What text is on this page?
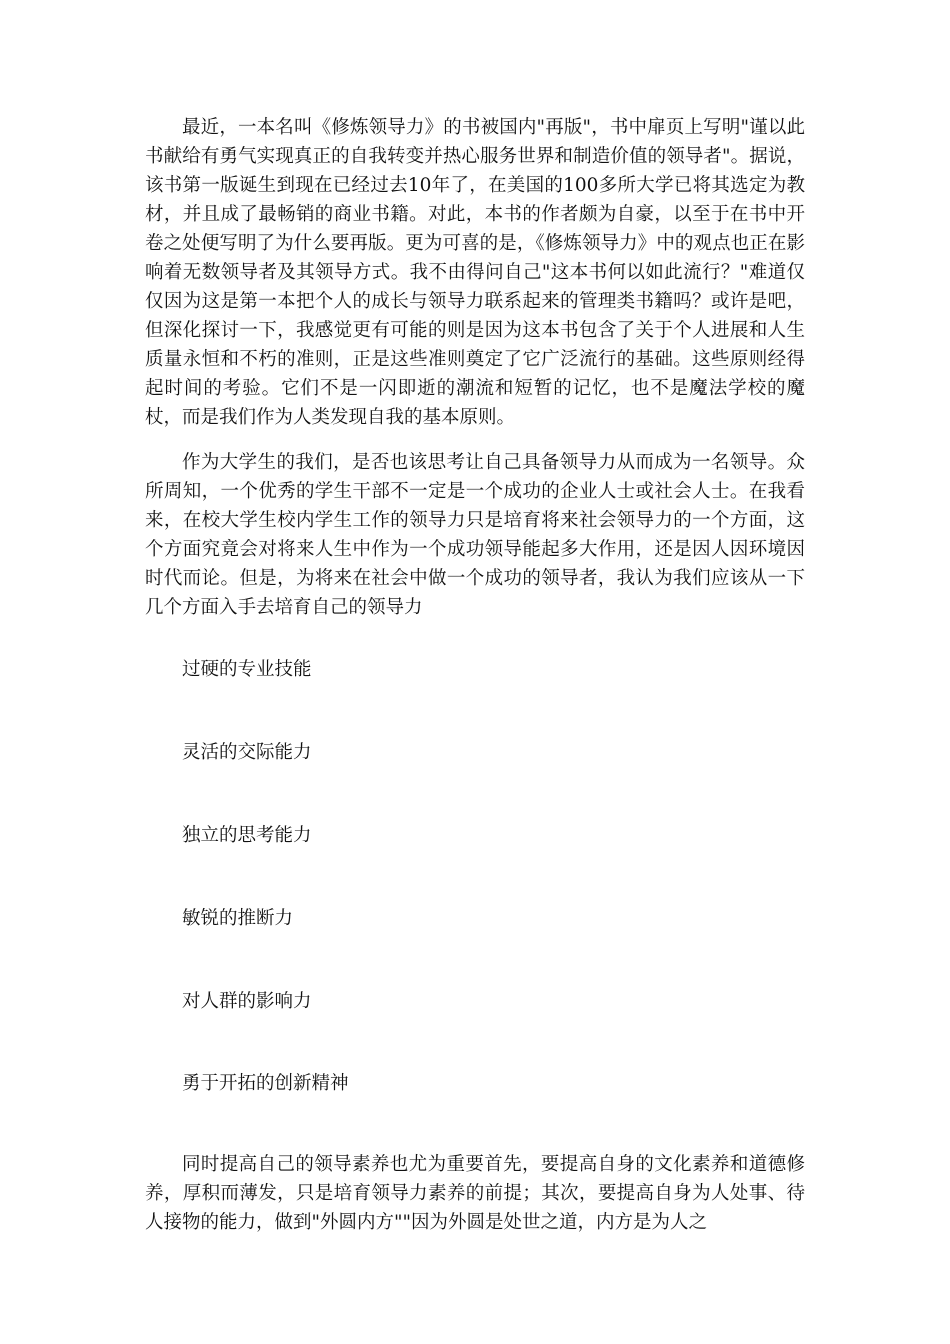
最近，一本名叫《修炼领导力》的书被国内"再版"，书中扉页上写明"谨以此书献给有勇气实现真正的自我转变并热心服务世界和制造价值的领导者"。据说，该书第一版诞生到现在已经过去10年了，在美国的100多所大学已将其选定为教材，并且成了最畅销的商业书籍。对此，本书的作者颇为自豪，以至于在书中开卷之处便写明了为什么要再版。更为可喜的是，《修炼领导力》中的观点也正在影响着无数领导者及其领导方式。我不由得问自己"这本书何以如此流行？"难道仅仅因为这是第一本把个人的成长与领导力联系起来的管理类书籍吗？或许是吧，但深化探讨一下，我感觉更有可能的则是因为这本书包含了关于个人进展和人生质量永恒和不朽的准则，正是这些准则奠定了它广泛流行的基础。这些原则经得起时间的考验。它们不是一闪即逝的潮流和短暂的记忆，也不是魔法学校的魔杖，而是我们作为人类发现自我的基本原则。

作为大学生的我们，是否也该思考让自己具备领导力从而成为一名领导。众所周知，一个优秀的学生干部不一定是一个成功的企业人士或社会人士。在我看来，在校大学生校内学生工作的领导力只是培育将来社会领导力的一个方面，这个方面究竟会对将来人生中作为一个成功领导能起多大作用，还是因人因环境因时代而论。但是，为将来在社会中做一个成功的领导者，我认为我们应该从一下几个方面入手去培育自己的领导力

过硬的专业技能

灵活的交际能力

独立的思考能力

敏锐的推断力

对人群的影响力

勇于开拓的创新精神

同时提高自己的领导素养也尤为重要首先，要提高自身的文化素养和道德修养，厚积而薄发，只是培育领导力素养的前提；其次，要提高自身为人处事、待人接物的能力，做到"外圆内方""因为外圆是处世之道，内方是为人之
